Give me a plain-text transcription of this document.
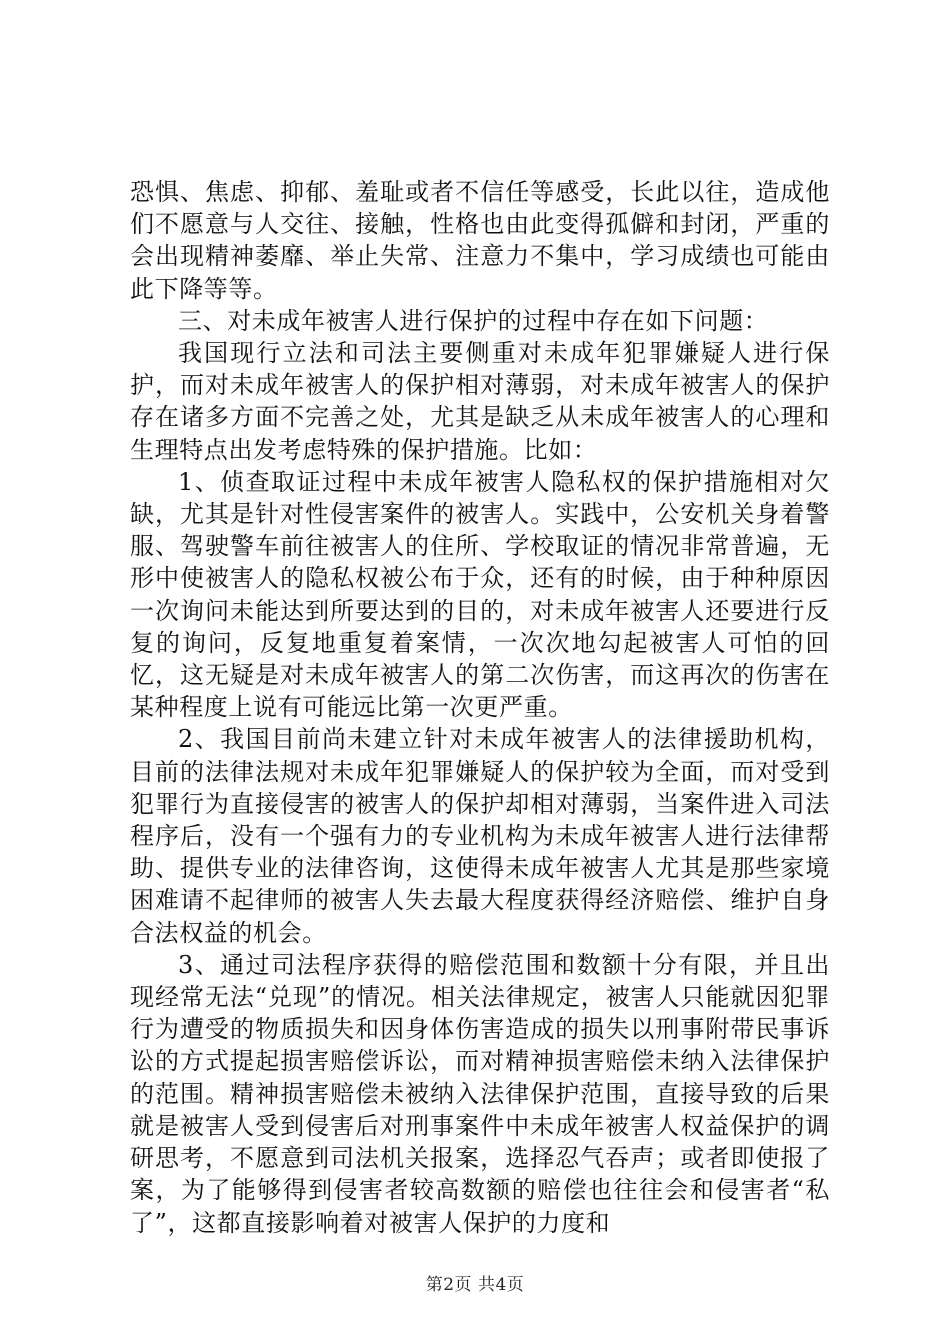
恐惧、焦虑、抑郁、羞耻或者不信任等感受，长此以往，造成他们不愿意与人交往、接触，性格也由此变得孤僻和封闭，严重的会出现精神萎靡、举止失常、注意力不集中，学习成绩也可能由此下降等等。

三、对未成年被害人进行保护的过程中存在如下问题：

我国现行立法和司法主要侧重对未成年犯罪嫌疑人进行保护，而对未成年被害人的保护相对薄弱，对未成年被害人的保护存在诸多方面不完善之处，尤其是缺乏从未成年被害人的心理和生理特点出发考虑特殊的保护措施。比如：

1、侦查取证过程中未成年被害人隐私权的保护措施相对欠缺，尤其是针对性侵害案件的被害人。实践中，公安机关身着警服、驾驶警车前往被害人的住所、学校取证的情况非常普遍，无形中使被害人的隐私权被公布于众，还有的时候，由于种种原因一次询问未能达到所要达到的目的，对未成年被害人还要进行反复的询问，反复地重复着案情，一次次地勾起被害人可怕的回忆，这无疑是对未成年被害人的第二次伤害，而这再次的伤害在某种程度上说有可能远比第一次更严重。

2、我国目前尚未建立针对未成年被害人的法律援助机构，目前的法律法规对未成年犯罪嫌疑人的保护较为全面，而对受到犯罪行为直接侵害的被害人的保护却相对薄弱，当案件进入司法程序后，没有一个强有力的专业机构为未成年被害人进行法律帮助、提供专业的法律咨询，这使得未成年被害人尤其是那些家境困难请不起律师的被害人失去最大程度获得经济赔偿、维护自身合法权益的机会。

3、通过司法程序获得的赔偿范围和数额十分有限，并且出现经常无法“兑现”的情况。相关法律规定，被害人只能就因犯罪行为遭受的物质损失和因身体伤害造成的损失以刑事附带民事诉讼的方式提起损害赔偿诉讼，而对精神损害赔偿未纳入法律保护的范围。精神损害赔偿未被纳入法律保护范围，直接导致的后果就是被害人受到侵害后对刑事案件中未成年被害人权益保护的调研思考，不愿意到司法机关报案，选择忍气吞声；或者即使报了案，为了能够得到侵害者较高数额的赔偿也往往会和侵害者“私了”，这都直接影响着对被害人保护的力度和

第2页 共4页
